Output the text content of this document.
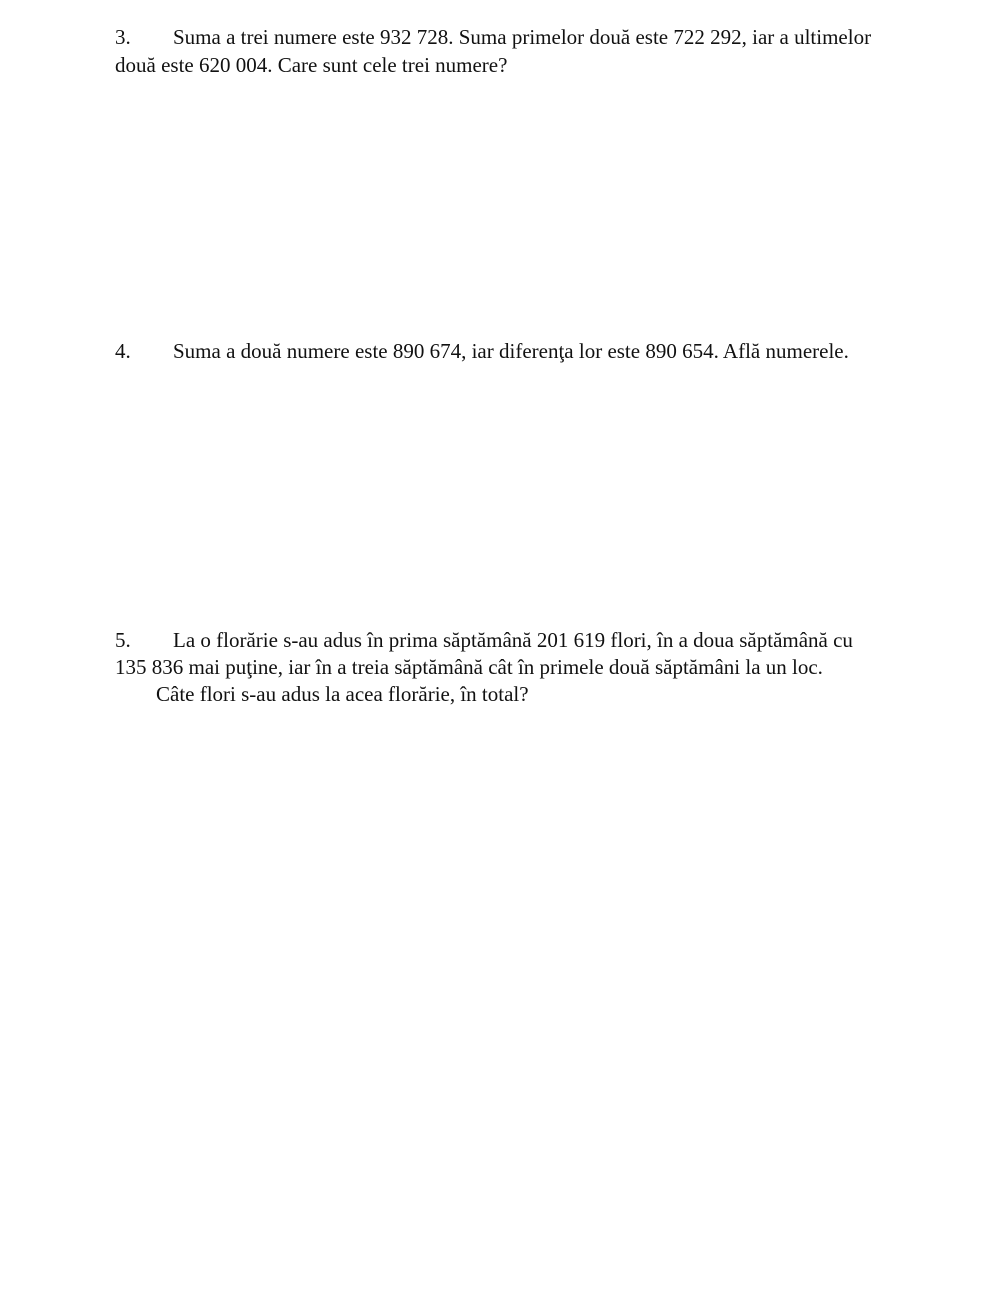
3. Suma a trei numere este 932 728. Suma primelor două este 722 292, iar a ultimelor
două este 620 004. Care sunt cele trei numere?
4. Suma a două numere este 890 674, iar diferenţa lor este 890 654. Află numerele.
5. La o florărie s-au adus în prima săptămână 201 619 flori, în a doua săptămână cu
135 836 mai puţine, iar în a treia săptămână cât în primele două săptămâni la un loc.
Câte flori s-au adus la acea florărie, în total?
